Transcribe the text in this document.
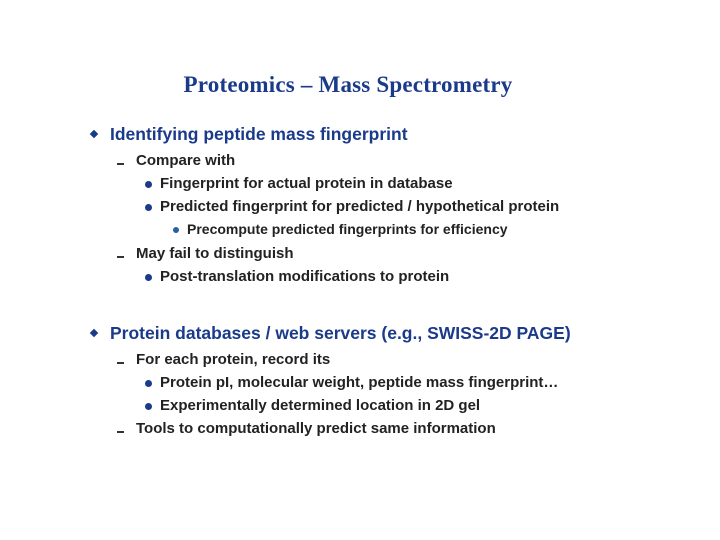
Proteomics – Mass Spectrometry
Identifying peptide mass fingerprint
Compare with
Fingerprint for actual protein in database
Predicted fingerprint for predicted / hypothetical protein
Precompute predicted fingerprints for efficiency
May fail to distinguish
Post-translation modifications to protein
Protein databases / web servers (e.g., SWISS-2D PAGE)
For each protein, record its
Protein pI, molecular weight, peptide mass fingerprint…
Experimentally determined location in 2D gel
Tools to computationally predict same information
